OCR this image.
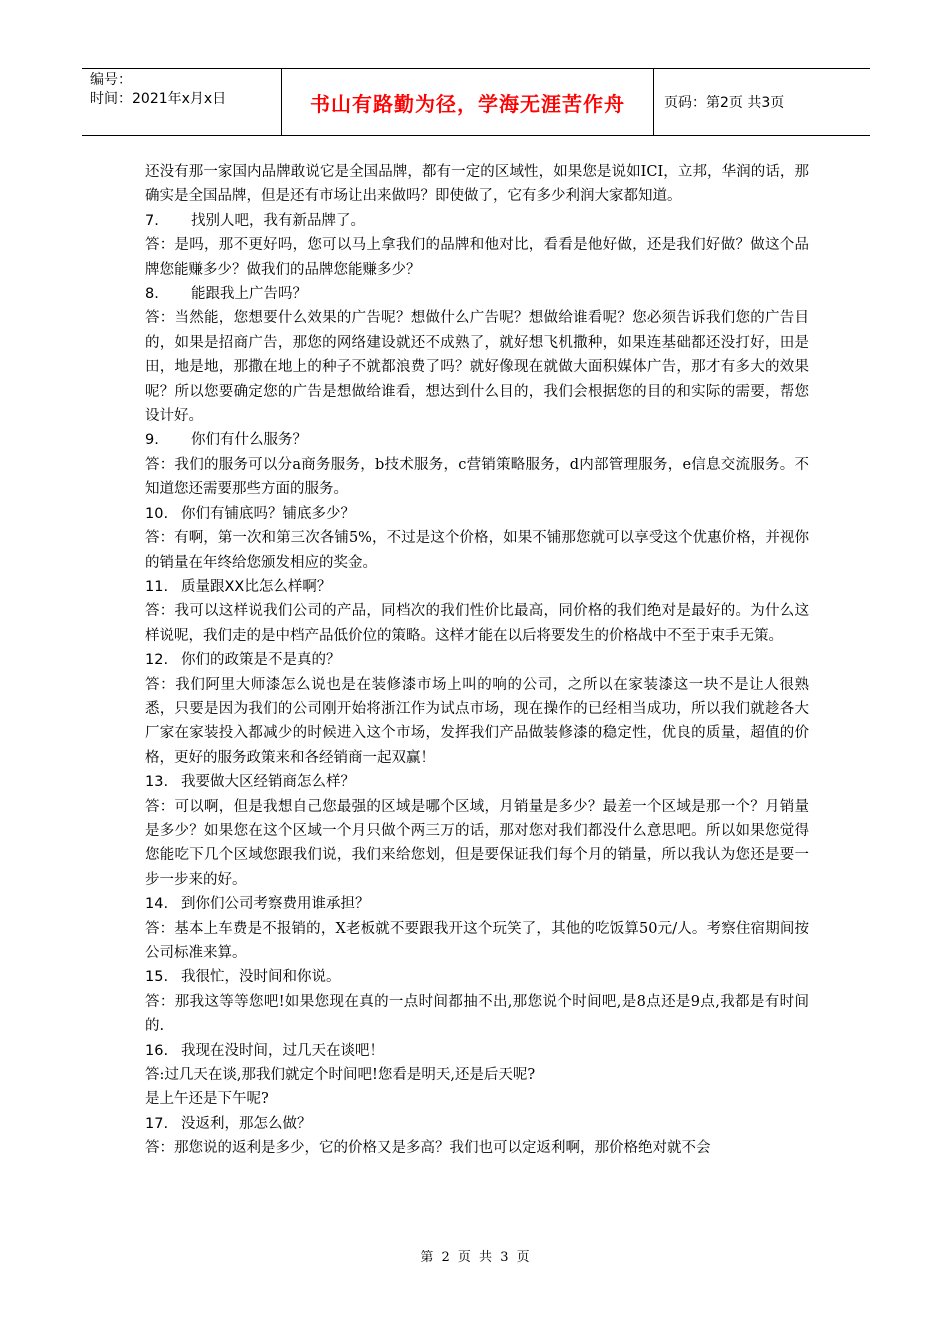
编号：
时间：2021年x月x日	书山有路勤为径，学海无涯苦作舟	页码：第2页 共3页

还没有那一家国内品牌敢说它是全国品牌，都有一定的区域性，如果您是说如ICI，立邦，华润的话，那确实是全国品牌，但是还有市场让出来做吗？即使做了，它有多少利润大家都知道。

7. 找别人吧，我有新品牌了。

答：是吗，那不更好吗，您可以马上拿我们的品牌和他对比，看看是他好做，还是我们好做？做这个品牌您能赚多少？做我们的品牌您能赚多少？

8. 能跟我上广告吗？

答：当然能，您想要什么效果的广告呢？想做什么广告呢？想做给谁看呢？您必须告诉我们您的广告目的，如果是招商广告，那您的网络建设就还不成熟了，就好想飞机撒种，如果连基础都还没打好，田是田，地是地，那撒在地上的种子不就都浪费了吗？就好像现在就做大面积媒体广告，那才有多大的效果呢？所以您要确定您的广告是想做给谁看，想达到什么目的，我们会根据您的目的和实际的需要，帮您设计好。

9. 你们有什么服务？

答：我们的服务可以分a商务服务，b技术服务，c营销策略服务，d内部管理服务，e信息交流服务。不知道您还需要那些方面的服务。

10. 你们有铺底吗？铺底多少？

答：有啊，第一次和第三次各铺5%，不过是这个价格，如果不铺那您就可以享受这个优惠价格，并视你的销量在年终给您颁发相应的奖金。

11. 质量跟XX比怎么样啊？

答：我可以这样说我们公司的产品，同档次的我们性价比最高，同价格的我们绝对是最好的。为什么这样说呢，我们走的是中档产品低价位的策略。这样才能在以后将要发生的价格战中不至于束手无策。

12. 你们的政策是不是真的？

答：我们阿里大师漆怎么说也是在装修漆市场上叫的响的公司，之所以在家装漆这一块不是让人很熟悉，只要是因为我们的公司刚开始将浙江作为试点市场，现在操作的已经相当成功，所以我们就趁各大厂家在家装投入都减少的时候进入这个市场，发挥我们产品做装修漆的稳定性，优良的质量，超值的价格，更好的服务政策来和各经销商一起双赢！

13. 我要做大区经销商怎么样？

答：可以啊，但是我想自己您最强的区域是哪个区域，月销量是多少？最差一个区域是那一个？月销量是多少？如果您在这个区域一个月只做个两三万的话，那对您对我们都没什么意思吧。所以如果您觉得您能吃下几个区域您跟我们说，我们来给您划，但是要保证我们每个月的销量，所以我认为您还是要一步一步来的好。

14. 到你们公司考察费用谁承担？

答：基本上车费是不报销的，X老板就不要跟我开这个玩笑了，其他的吃饭算50元/人。考察住宿期间按公司标准来算。

15. 我很忙，没时间和你说。

答：那我这等等您吧!如果您现在真的一点时间都抽不出,那您说个时间吧,是8点还是9点,我都是有时间的.

16. 我现在没时间，过几天在谈吧！

答:过几天在谈,那我们就定个时间吧!您看是明天,还是后天呢?

是上午还是下午呢?

17. 没返利，那怎么做？

答：那您说的返利是多少，它的价格又是多高？我们也可以定返利啊，那价格绝对就不会

第 2 页 共 3 页
